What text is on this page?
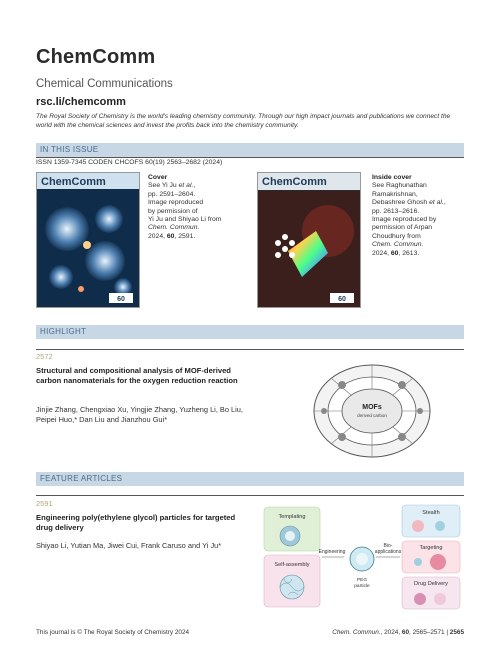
ChemComm
Chemical Communications
rsc.li/chemcomm
The Royal Society of Chemistry is the world's leading chemistry community. Through our high impact journals and publications we connect the world with the chemical sciences and invest the profits back into the chemistry community.
IN THIS ISSUE
ISSN 1359-7345 CODEN CHCOFS 60(19) 2563–2682 (2024)
ChemComm
60
Cover
See Yi Ju et al.,
pp. 2591–2604.
Image reproduced
by permission of
Yi Ju and Shiyao Li from
Chem. Commun.
2024, 60, 2591.
ChemComm
60
Inside cover
See Raghunathan
Ramakrishnan,
Debashree Ghosh et al.,
pp. 2613–2616.
Image reproduced by
permission of Arpan
Choudhury from
Chem. Commun.
2024, 60, 2613.
HIGHLIGHT
2572
Structural and compositional analysis of MOF-derived carbon nanomaterials for the oxygen reduction reaction
Jinjie Zhang, Chengxiao Xu, Yingjie Zhang, Yuzheng Li, Bo Liu, Peipei Huo,* Dan Liu and Jianzhou Gui*
MOFs
derived carbon
FEATURE ARTICLES
2591
Engineering poly(ethylene glycol) particles for targeted drug delivery
Shiyao Li, Yutian Ma, Jiwei Cui, Frank Caruso and Yi Ju*
Templating
Self-assembly
Engineering
PEG
particle
Bio-
applications
Stealth
Targeting
Drug Delivery
This journal is © The Royal Society of Chemistry 2024	Chem. Commun., 2024, 60, 2565–2571 | 2565
